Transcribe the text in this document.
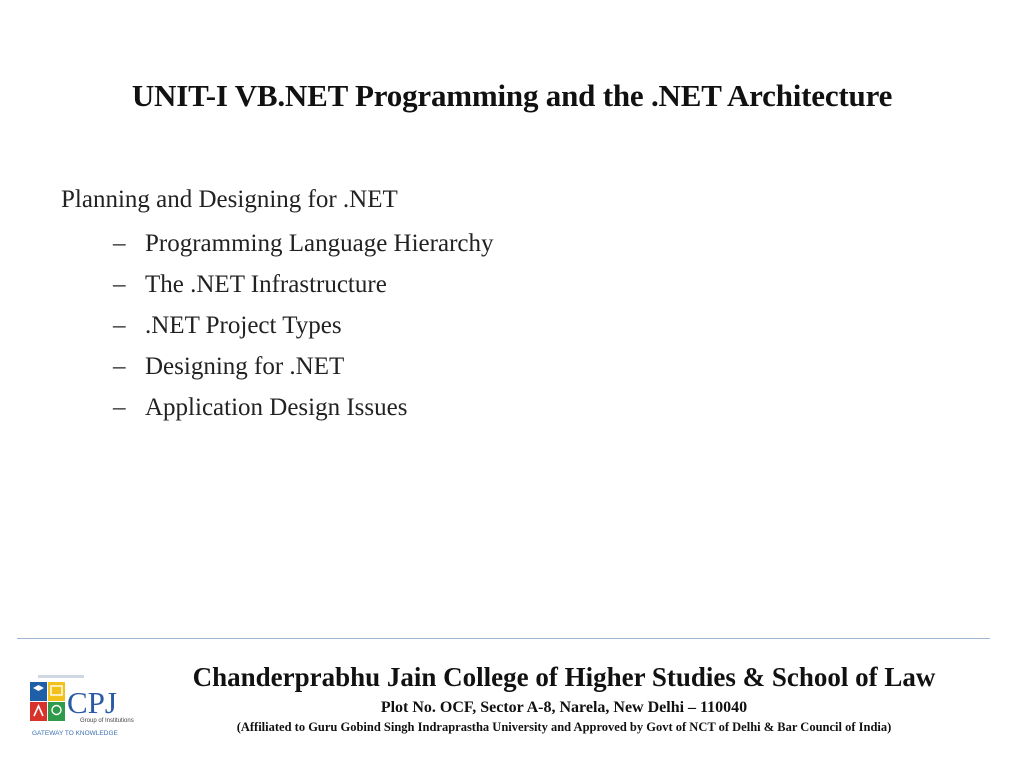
UNIT-I VB.NET Programming and the .NET Architecture
Planning and Designing for .NET
– Programming Language Hierarchy
– The .NET Infrastructure
– .NET Project Types
– Designing for .NET
– Application Design Issues
CPJ
Group of Institutions
GATEWAY TO KNOWLEDGE
Chanderprabhu Jain College of Higher Studies & School of Law
Plot No. OCF, Sector A-8, Narela, New Delhi – 110040
(Affiliated to Guru Gobind Singh Indraprastha University and Approved by Govt of NCT of Delhi & Bar Council of India)
